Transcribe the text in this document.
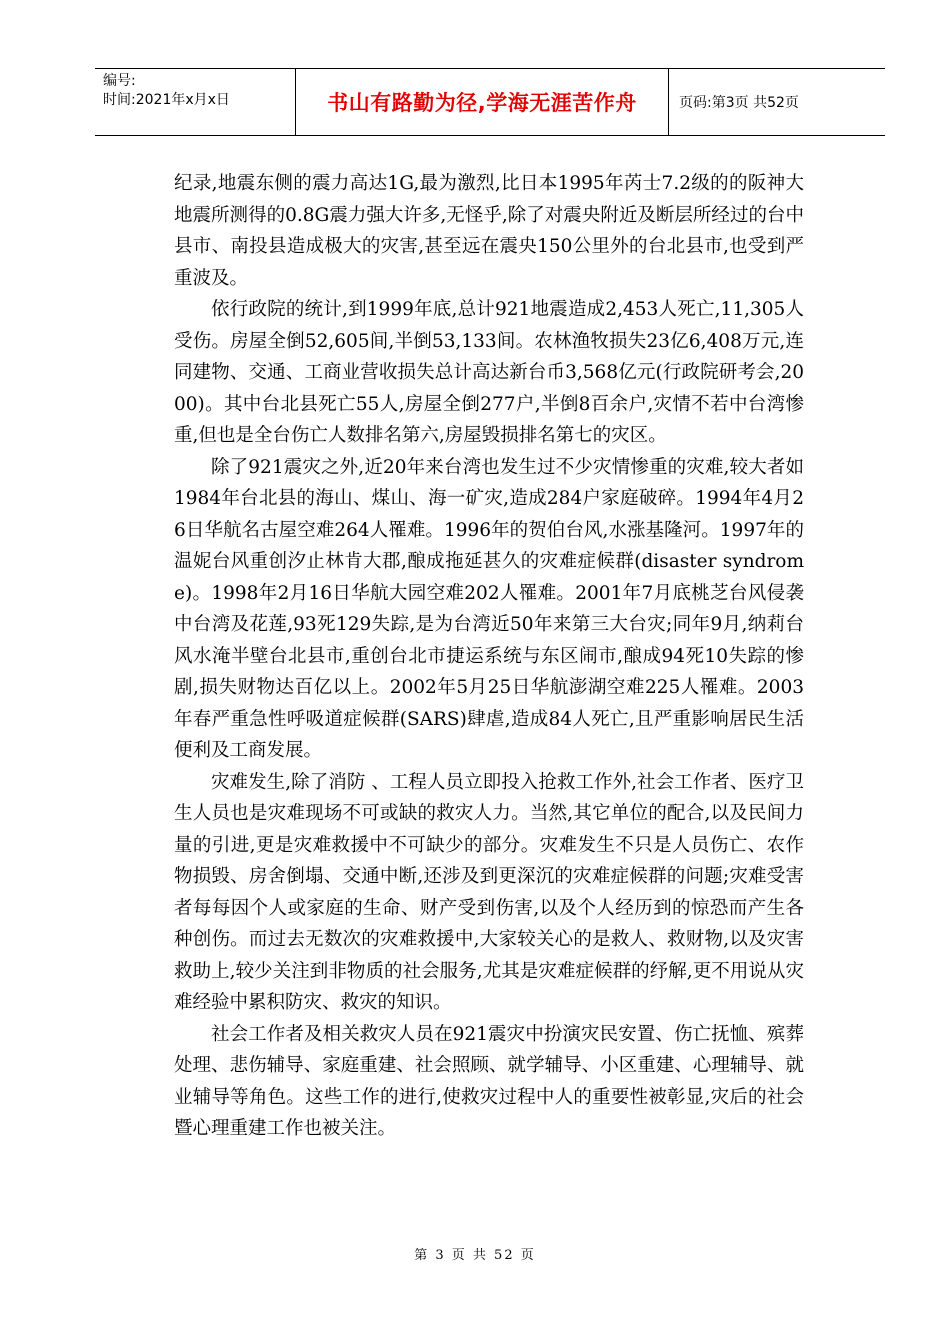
编号:
时间:2021年x月x日	书山有路勤为径,学海无涯苦作舟	页码:第3页 共52页

纪录,地震东侧的震力高达1G,最为激烈,比日本1995年芮士7.2级的的阪神大地震所测得的0.8G震力强大许多,无怪乎,除了对震央附近及断层所经过的台中县市、南投县造成极大的灾害,甚至远在震央150公里外的台北县市,也受到严重波及。

依行政院的统计,到1999年底,总计921地震造成2,453人死亡,11,305人受伤。房屋全倒52,605间,半倒53,133间。农林渔牧损失23亿6,408万元,连同建物、交通、工商业营收损失总计高达新台币3,568亿元(行政院研考会,2000)。其中台北县死亡55人,房屋全倒277户,半倒8百余户,灾情不若中台湾惨重,但也是全台伤亡人数排名第六,房屋毁损排名第七的灾区。

除了921震灾之外,近20年来台湾也发生过不少灾情惨重的灾难,较大者如1984年台北县的海山、煤山、海一矿灾,造成284户家庭破碎。1994年4月26日华航名古屋空难264人罹难。1996年的贺伯台风,水涨基隆河。1997年的温妮台风重创汐止林肯大郡,酿成拖延甚久的灾难症候群(disaster syndrome)。1998年2月16日华航大园空难202人罹难。2001年7月底桃芝台风侵袭中台湾及花莲,93死129失踪,是为台湾近50年来第三大台灾;同年9月,纳莉台风水淹半壁台北县市,重创台北市捷运系统与东区闹市,酿成94死10失踪的惨剧,损失财物达百亿以上。2002年5月25日华航澎湖空难225人罹难。2003年春严重急性呼吸道症候群(SARS)肆虐,造成84人死亡,且严重影响居民生活便利及工商发展。

灾难发生,除了消防 、工程人员立即投入抢救工作外,社会工作者、医疗卫生人员也是灾难现场不可或缺的救灾人力。当然,其它单位的配合,以及民间力量的引进,更是灾难救援中不可缺少的部分。灾难发生不只是人员伤亡、农作物损毁、房舍倒塌、交通中断,还涉及到更深沉的灾难症候群的问题;灾难受害者每每因个人或家庭的生命、财产受到伤害,以及个人经历到的惊恐而产生各种创伤。而过去无数次的灾难救援中,大家较关心的是救人、救财物,以及灾害救助上,较少关注到非物质的社会服务,尤其是灾难症候群的纾解,更不用说从灾难经验中累积防灾、救灾的知识。

社会工作者及相关救灾人员在921震灾中扮演灾民安置、伤亡抚恤、殡葬处理、悲伤辅导、家庭重建、社会照顾、就学辅导、小区重建、心理辅导、就业辅导等角色。这些工作的进行,使救灾过程中人的重要性被彰显,灾后的社会暨心理重建工作也被关注。

第 3 页 共 52 页
